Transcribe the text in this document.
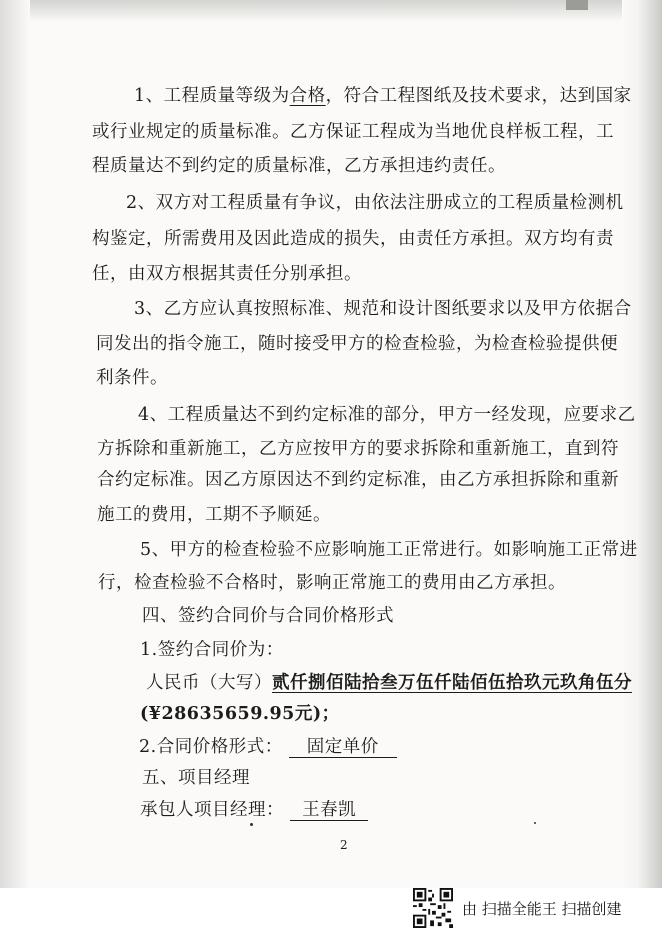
1、工程质量等级为合格，符合工程图纸及技术要求，达到国家
或行业规定的质量标准。乙方保证工程成为当地优良样板工程，工
程质量达不到约定的质量标准，乙方承担违约责任。
2、双方对工程质量有争议，由依法注册成立的工程质量检测机
构鉴定，所需费用及因此造成的损失，由责任方承担。双方均有责
任，由双方根据其责任分别承担。
3、乙方应认真按照标准、规范和设计图纸要求以及甲方依据合
同发出的指令施工，随时接受甲方的检查检验，为检查检验提供便
利条件。
4、工程质量达不到约定标准的部分，甲方一经发现，应要求乙
方拆除和重新施工，乙方应按甲方的要求拆除和重新施工，直到符
合约定标准。因乙方原因达不到约定标准，由乙方承担拆除和重新
施工的费用，工期不予顺延。
5、甲方的检查检验不应影响施工正常进行。如影响施工正常进
行，检查检验不合格时，影响正常施工的费用由乙方承担。
四、签约合同价与合同价格形式
1.签约合同价为：
人民币（大写）贰仟捌佰陆拾叁万伍仟陆佰伍拾玖元玖角伍分
(¥28635659.95元)；
2.合同价格形式： 固定单价
五、项目经理
承包人项目经理： 王春凯
2
由 扫描全能王 扫描创建
